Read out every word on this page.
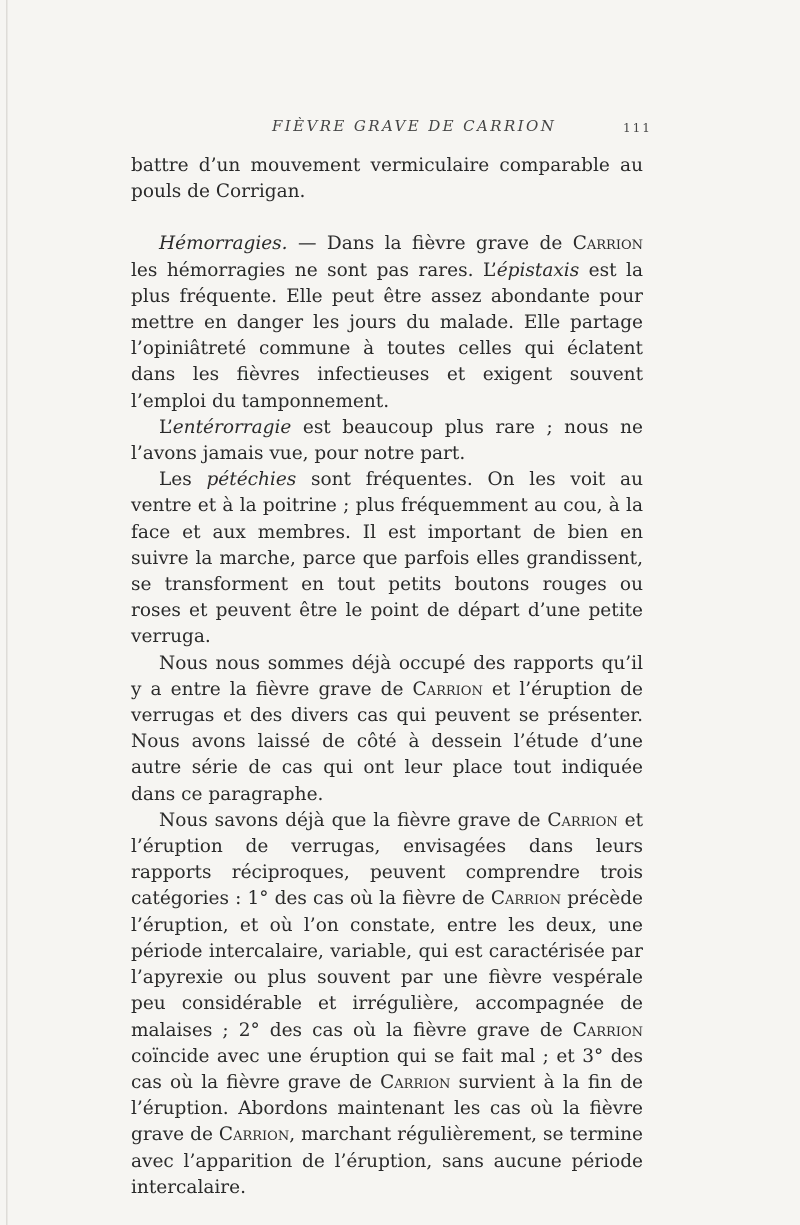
FIÈVRE GRAVE DE CARRION	111

battre d’un mouvement vermiculaire comparable au pouls de Corrigan.

Hémorragies. — Dans la fièvre grave de Carrion les hémorragies ne sont pas rares. L’épistaxis est la plus fréquente. Elle peut être assez abondante pour mettre en danger les jours du malade. Elle partage l’opiniâtreté commune à toutes celles qui éclatent dans les fièvres infectieuses et exigent souvent l’emploi du tamponnement.

L’entérorragie est beaucoup plus rare ; nous ne l’avons jamais vue, pour notre part.

Les pétéchies sont fréquentes. On les voit au ventre et à la poitrine ; plus fréquemment au cou, à la face et aux membres. Il est important de bien en suivre la marche, parce que parfois elles grandissent, se transforment en tout petits boutons rouges ou roses et peuvent être le point de départ d’une petite verruga.

Nous nous sommes déjà occupé des rapports qu’il y a entre la fièvre grave de Carrion et l’éruption de verrugas et des divers cas qui peuvent se présenter. Nous avons laissé de côté à dessein l’étude d’une autre série de cas qui ont leur place tout indiquée dans ce paragraphe.

Nous savons déjà que la fièvre grave de Carrion et l’éruption de verrugas, envisagées dans leurs rapports réciproques, peuvent comprendre trois catégories : 1° des cas où la fièvre de Carrion précède l’éruption, et où l’on constate, entre les deux, une période intercalaire, variable, qui est caractérisée par l’apyrexie ou plus souvent par une fièvre vespérale peu considérable et irrégulière, accompagnée de malaises ; 2° des cas où la fièvre grave de Carrion coïncide avec une éruption qui se fait mal ; et 3° des cas où la fièvre grave de Carrion survient à la fin de l’éruption. Abordons maintenant les cas où la fièvre grave de Carrion, marchant régulièrement, se termine avec l’apparition de l’éruption, sans aucune période intercalaire.
